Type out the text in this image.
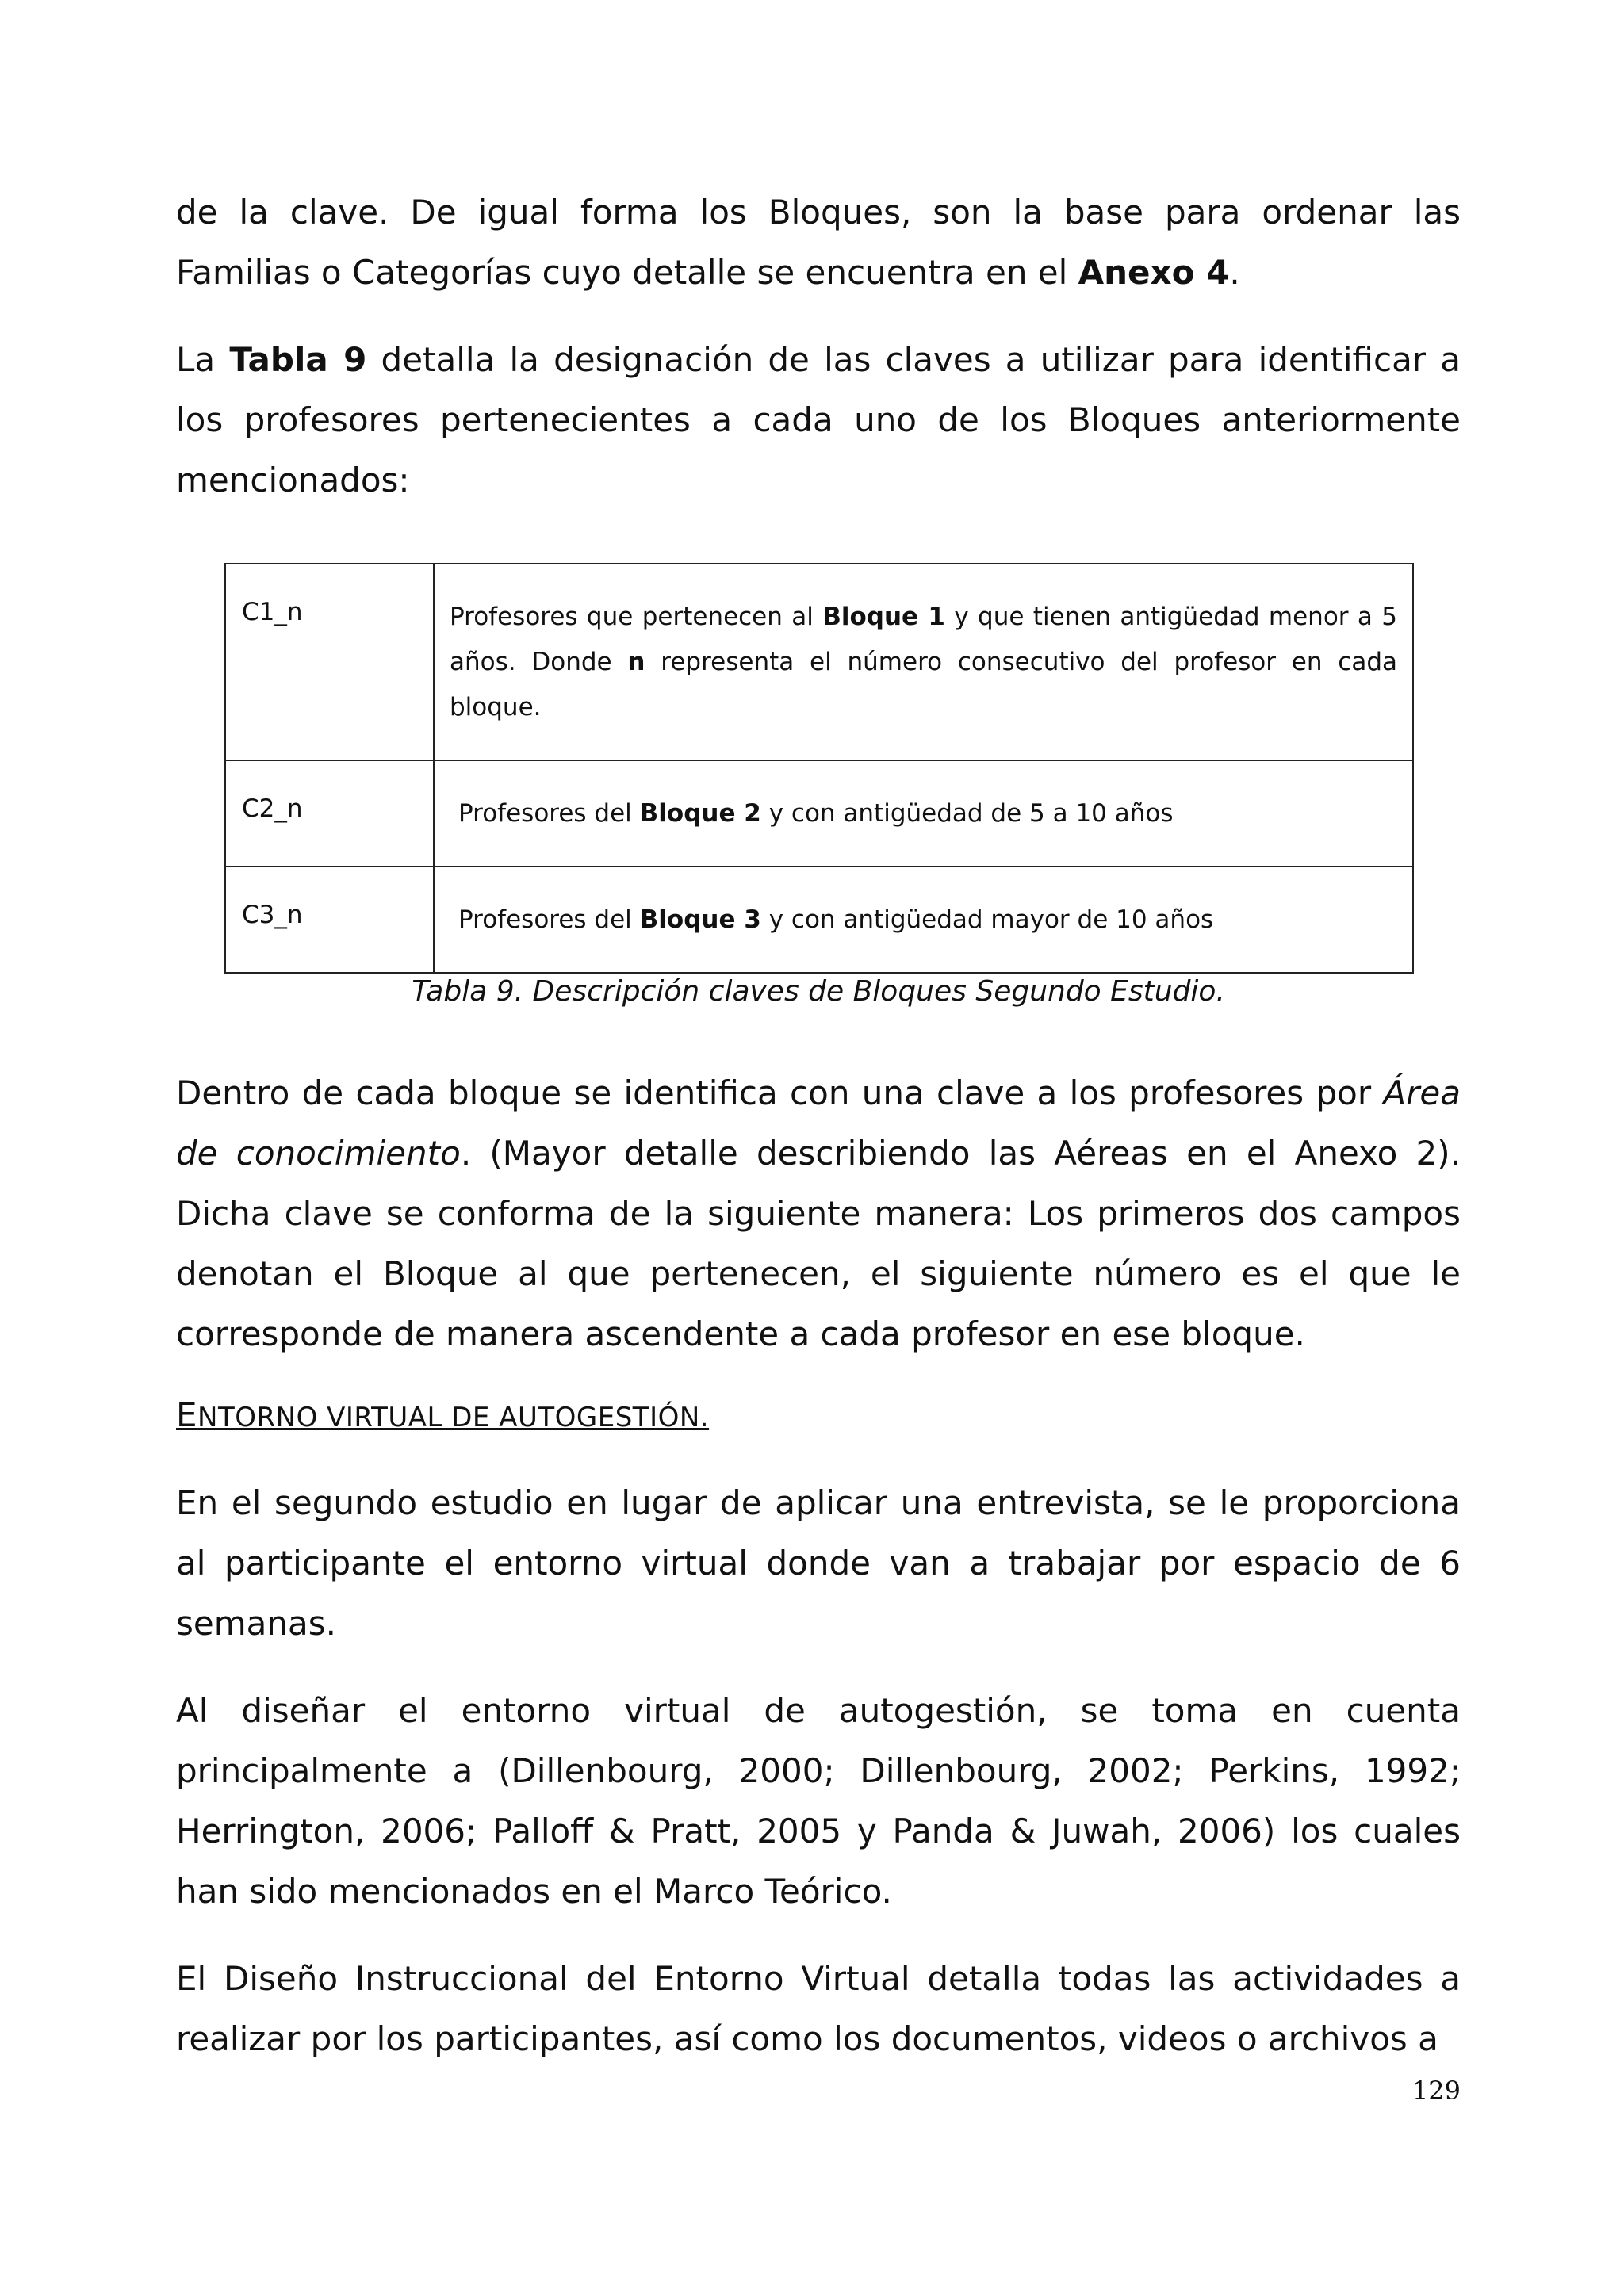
de la clave. De igual forma los Bloques, son la base para ordenar las Familias o Categorías cuyo detalle se encuentra en el Anexo 4.

La Tabla 9 detalla la designación de las claves a utilizar para identificar a los profesores pertenecientes a cada uno de los Bloques anteriormente mencionados:

C1_n	Profesores que pertenecen al Bloque 1 y que tienen antigüedad menor a 5 años. Donde n representa el número consecutivo del profesor en cada bloque.
C2_n	Profesores del Bloque 2 y con antigüedad de 5 a 10 años
C3_n	Profesores del Bloque 3 y con antigüedad mayor de 10 años

Tabla 9. Descripción claves de Bloques Segundo Estudio.

Dentro de cada bloque se identifica con una clave a los profesores por Área de conocimiento. (Mayor detalle describiendo las Aéreas en el Anexo 2). Dicha clave se conforma de la siguiente manera: Los primeros dos campos denotan el Bloque al que pertenecen, el siguiente número es el que le corresponde de manera ascendente a cada profesor en ese bloque.

ENTORNO VIRTUAL DE AUTOGESTIÓN.

En el segundo estudio en lugar de aplicar una entrevista, se le proporciona al participante el entorno virtual donde van a trabajar por espacio de 6 semanas.

Al diseñar el entorno virtual de autogestión, se toma en cuenta principalmente a (Dillenbourg, 2000; Dillenbourg, 2002; Perkins, 1992; Herrington, 2006; Palloff & Pratt, 2005 y Panda & Juwah, 2006) los cuales han sido mencionados en el Marco Teórico.

El Diseño Instruccional del Entorno Virtual detalla todas las actividades a realizar por los participantes, así como los documentos, videos o archivos a

129
